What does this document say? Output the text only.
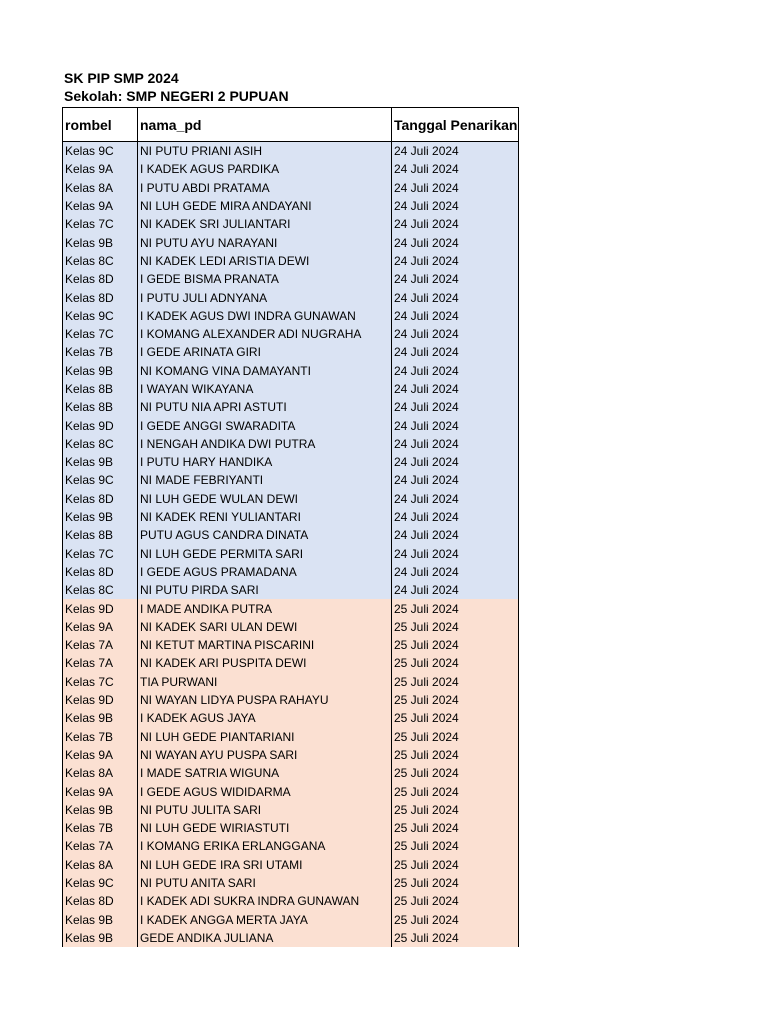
SK PIP SMP 2024
Sekolah: SMP NEGERI 2 PUPUAN
rombel	nama_pd	Tanggal Penarikan
Kelas 9C	NI PUTU PRIANI ASIH	24 Juli 2024
Kelas 9A	I KADEK AGUS PARDIKA	24 Juli 2024
Kelas 8A	I PUTU ABDI PRATAMA	24 Juli 2024
Kelas 9A	NI LUH GEDE MIRA ANDAYANI	24 Juli 2024
Kelas 7C	NI KADEK SRI JULIANTARI	24 Juli 2024
Kelas 9B	NI PUTU AYU NARAYANI	24 Juli 2024
Kelas 8C	NI KADEK LEDI ARISTIA DEWI	24 Juli 2024
Kelas 8D	I GEDE BISMA PRANATA	24 Juli 2024
Kelas 8D	I PUTU JULI ADNYANA	24 Juli 2024
Kelas 9C	I KADEK AGUS DWI INDRA GUNAWAN	24 Juli 2024
Kelas 7C	I KOMANG ALEXANDER ADI NUGRAHA	24 Juli 2024
Kelas 7B	I GEDE ARINATA GIRI	24 Juli 2024
Kelas 9B	NI KOMANG VINA DAMAYANTI	24 Juli 2024
Kelas 8B	I WAYAN WIKAYANA	24 Juli 2024
Kelas 8B	NI PUTU NIA APRI ASTUTI	24 Juli 2024
Kelas 9D	I GEDE ANGGI SWARADITA	24 Juli 2024
Kelas 8C	I NENGAH ANDIKA DWI PUTRA	24 Juli 2024
Kelas 9B	I PUTU HARY HANDIKA	24 Juli 2024
Kelas 9C	NI MADE FEBRIYANTI	24 Juli 2024
Kelas 8D	NI LUH GEDE WULAN DEWI	24 Juli 2024
Kelas 9B	NI KADEK RENI YULIANTARI	24 Juli 2024
Kelas 8B	PUTU AGUS CANDRA DINATA	24 Juli 2024
Kelas 7C	NI LUH GEDE PERMITA SARI	24 Juli 2024
Kelas 8D	I GEDE AGUS PRAMADANA	24 Juli 2024
Kelas 8C	NI PUTU PIRDA SARI	24 Juli 2024
Kelas 9D	I MADE ANDIKA PUTRA	25 Juli 2024
Kelas 9A	NI KADEK SARI ULAN DEWI	25 Juli 2024
Kelas 7A	NI KETUT MARTINA PISCARINI	25 Juli 2024
Kelas 7A	NI KADEK ARI PUSPITA DEWI	25 Juli 2024
Kelas 7C	TIA PURWANI	25 Juli 2024
Kelas 9D	NI WAYAN LIDYA PUSPA RAHAYU	25 Juli 2024
Kelas 9B	I KADEK AGUS JAYA	25 Juli 2024
Kelas 7B	NI LUH GEDE PIANTARIANI	25 Juli 2024
Kelas 9A	NI WAYAN AYU PUSPA SARI	25 Juli 2024
Kelas 8A	I MADE SATRIA WIGUNA	25 Juli 2024
Kelas 9A	I GEDE AGUS WIDIDARMA	25 Juli 2024
Kelas 9B	NI PUTU JULITA SARI	25 Juli 2024
Kelas 7B	NI LUH GEDE WIRIASTUTI	25 Juli 2024
Kelas 7A	I KOMANG ERIKA ERLANGGANA	25 Juli 2024
Kelas 8A	NI LUH GEDE IRA SRI UTAMI	25 Juli 2024
Kelas 9C	NI PUTU ANITA SARI	25 Juli 2024
Kelas 8D	I KADEK ADI SUKRA INDRA GUNAWAN	25 Juli 2024
Kelas 9B	I KADEK ANGGA MERTA JAYA	25 Juli 2024
Kelas 9B	GEDE ANDIKA JULIANA	25 Juli 2024
